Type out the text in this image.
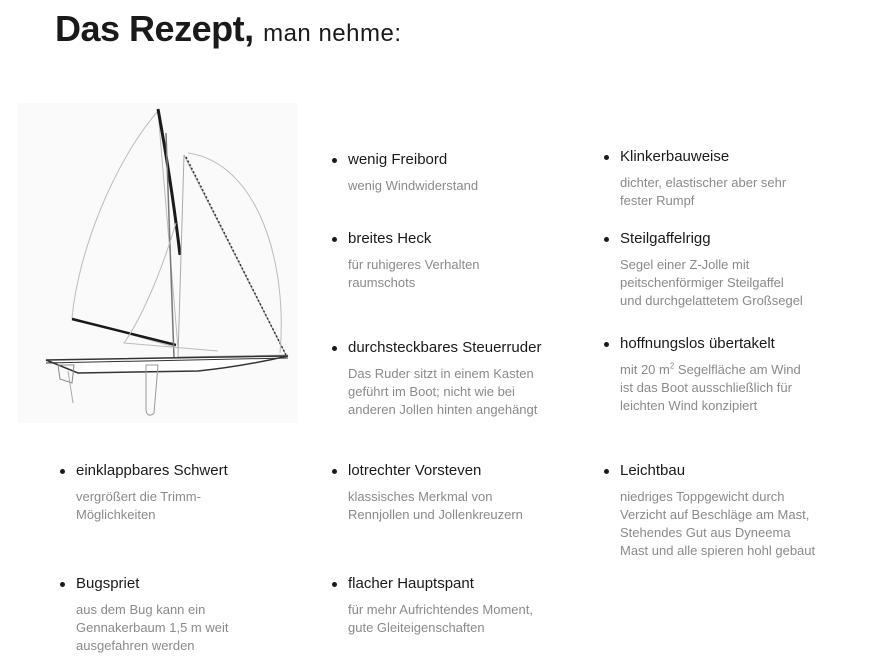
Das Rezept, man nehme:
wenig Freibord
wenig Windwiderstand
Klinkerbauweise
dichter, elastischer aber sehr
fester Rumpf
breites Heck
für ruhigeres Verhalten
raumschots
Steilgaffelrigg
Segel einer Z-Jolle mit
peitschenförmiger Steilgaffel
und durchgelattetem Großsegel
durchsteckbares Steuerruder
Das Ruder sitzt in einem Kasten
geführt im Boot; nicht wie bei
anderen Jollen hinten angehängt
hoffnungslos übertakelt
mit 20 $m^2$ Segelfläche am Wind
ist das Boot ausschließlich für
leichten Wind konzipiert
einklappbares Schwert
vergrößert die Trimm-
Möglichkeiten
lotrechter Vorsteven
klassisches Merkmal von
Rennjollen und Jollenkreuzern
Leichtbau
niedriges Toppgewicht durch
Verzicht auf Beschläge am Mast,
Stehendes Gut aus Dyneema
Mast und alle spieren hohl gebaut
Bugspriet
aus dem Bug kann ein
Gennakerbaum 1,5 m weit
ausgefahren werden
flacher Hauptspant
für mehr Aufrichtendes Moment,
gute Gleiteigenschaften
